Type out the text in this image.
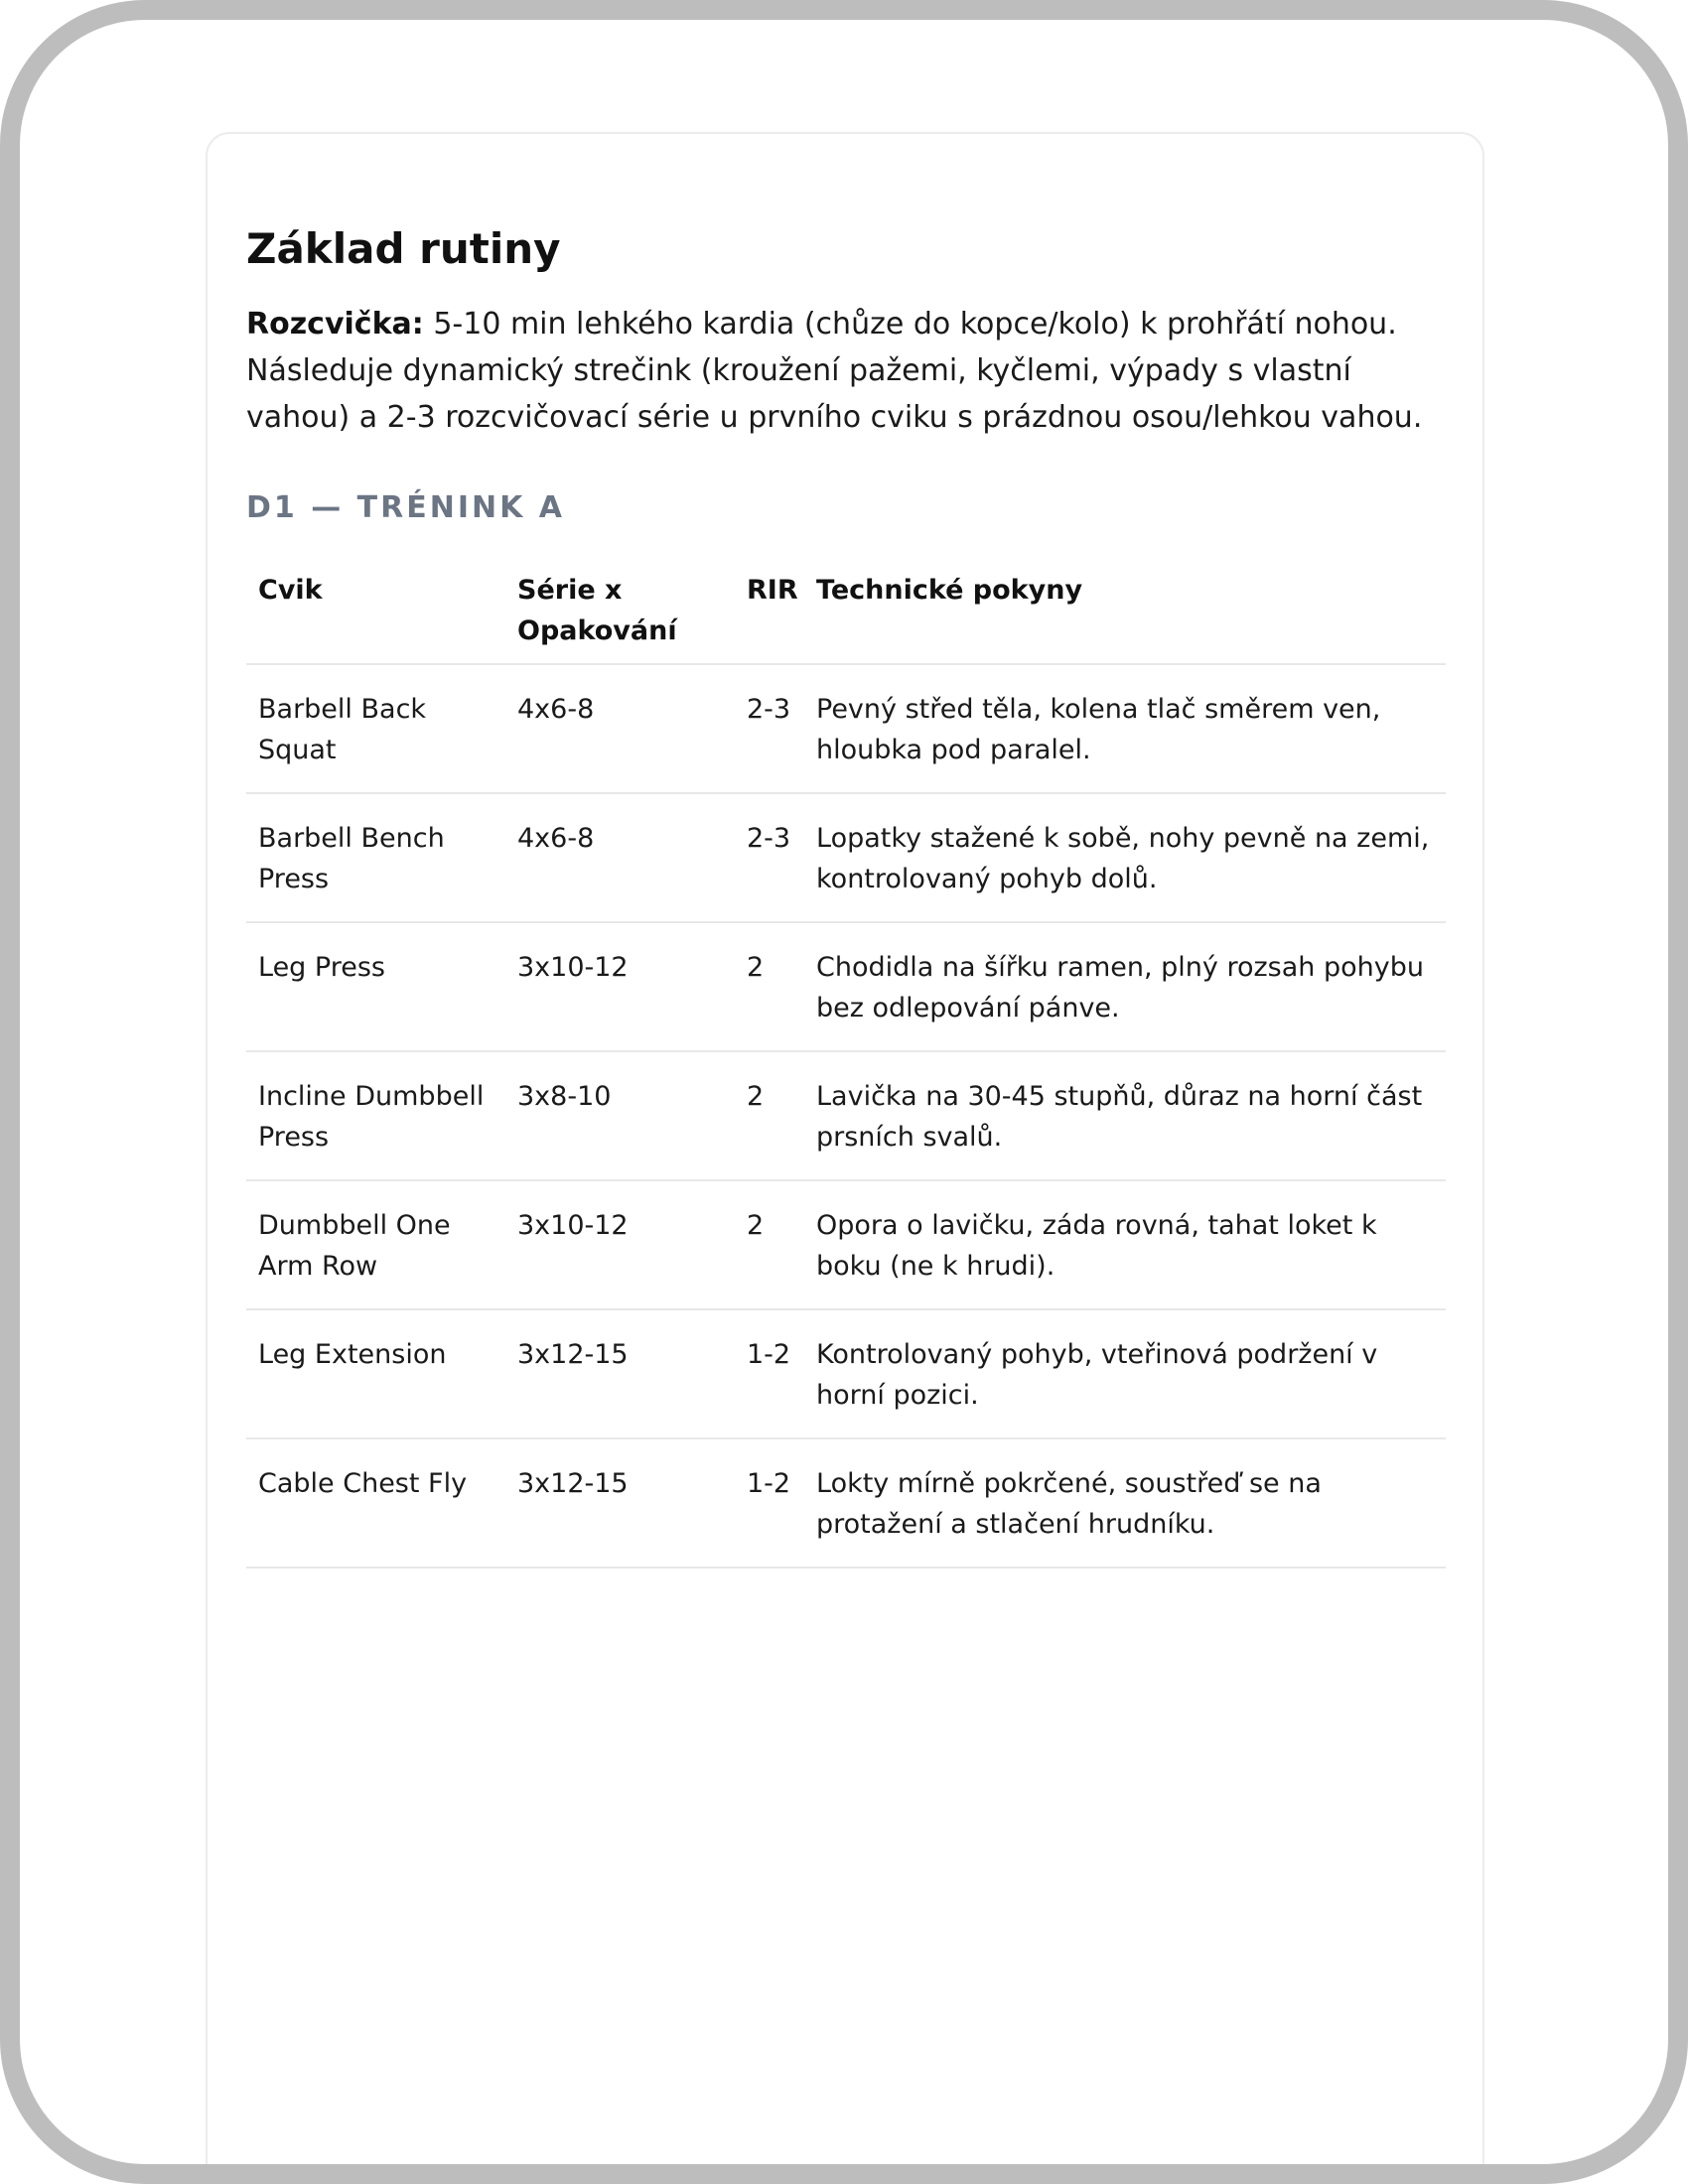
Základ rutiny

Rozcvička: 5-10 min lehkého kardia (chůze do kopce/kolo) k prohřátí nohou. Následuje dynamický strečink (kroužení pažemi, kyčlemi, výpady s vlastní vahou) a 2-3 rozcvičovací série u prvního cviku s prázdnou osou/lehkou vahou.

D1 — TRÉNINK A
Cvik	Série x Opakování	RIR	Technické pokyny
Barbell Back Squat	4x6-8	2-3	Pevný střed těla, kolena tlač směrem ven, hloubka pod paralel.
Barbell Bench Press	4x6-8	2-3	Lopatky stažené k sobě, nohy pevně na zemi, kontrolovaný pohyb dolů.
Leg Press	3x10-12	2	Chodidla na šířku ramen, plný rozsah pohybu bez odlepování pánve.
Incline Dumbbell Press	3x8-10	2	Lavička na 30-45 stupňů, důraz na horní část prsních svalů.
Dumbbell One Arm Row	3x10-12	2	Opora o lavičku, záda rovná, tahat loket k boku (ne k hrudi).
Leg Extension	3x12-15	1-2	Kontrolovaný pohyb, vteřinová podržení v horní pozici.
Cable Chest Fly	3x12-15	1-2	Lokty mírně pokrčené, soustřeď se na protažení a stlačení hrudníku.
